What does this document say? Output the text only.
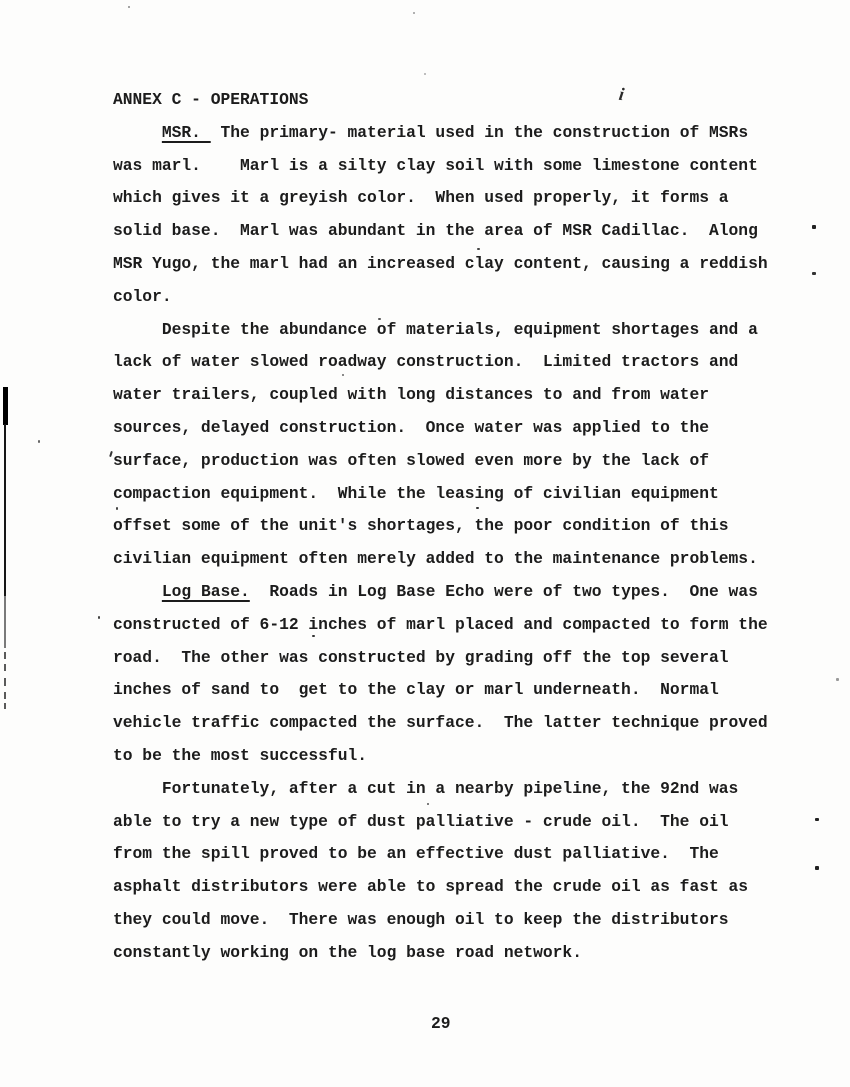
ANNEX C - OPERATIONS
MSR.  The primary- material used in the construction of MSRs
was marl.    Marl is a silty clay soil with some limestone content
which gives it a greyish color.  When used properly, it forms a
solid base.  Marl was abundant in the area of MSR Cadillac.  Along
MSR Yugo, the marl had an increased clay content, causing a reddish
color.
Despite the abundance of materials, equipment shortages and a
lack of water slowed roadway construction.  Limited tractors and
water trailers, coupled with long distances to and from water
sources, delayed construction.  Once water was applied to the
surface, production was often slowed even more by the lack of
compaction equipment.  While the leasing of civilian equipment
offset some of the unit's shortages, the poor condition of this
civilian equipment often merely added to the maintenance problems.
Log Base.  Roads in Log Base Echo were of two types.  One was
constructed of 6-12 inches of marl placed and compacted to form the
road.  The other was constructed by grading off the top several
inches of sand to  get to the clay or marl underneath.  Normal
vehicle traffic compacted the surface.  The latter technique proved
to be the most successful.
Fortunately, after a cut in a nearby pipeline, the 92nd was
able to try a new type of dust palliative - crude oil.  The oil
from the spill proved to be an effective dust palliative.  The
asphalt distributors were able to spread the crude oil as fast as
they could move.  There was enough oil to keep the distributors
constantly working on the log base road network.
i
29
